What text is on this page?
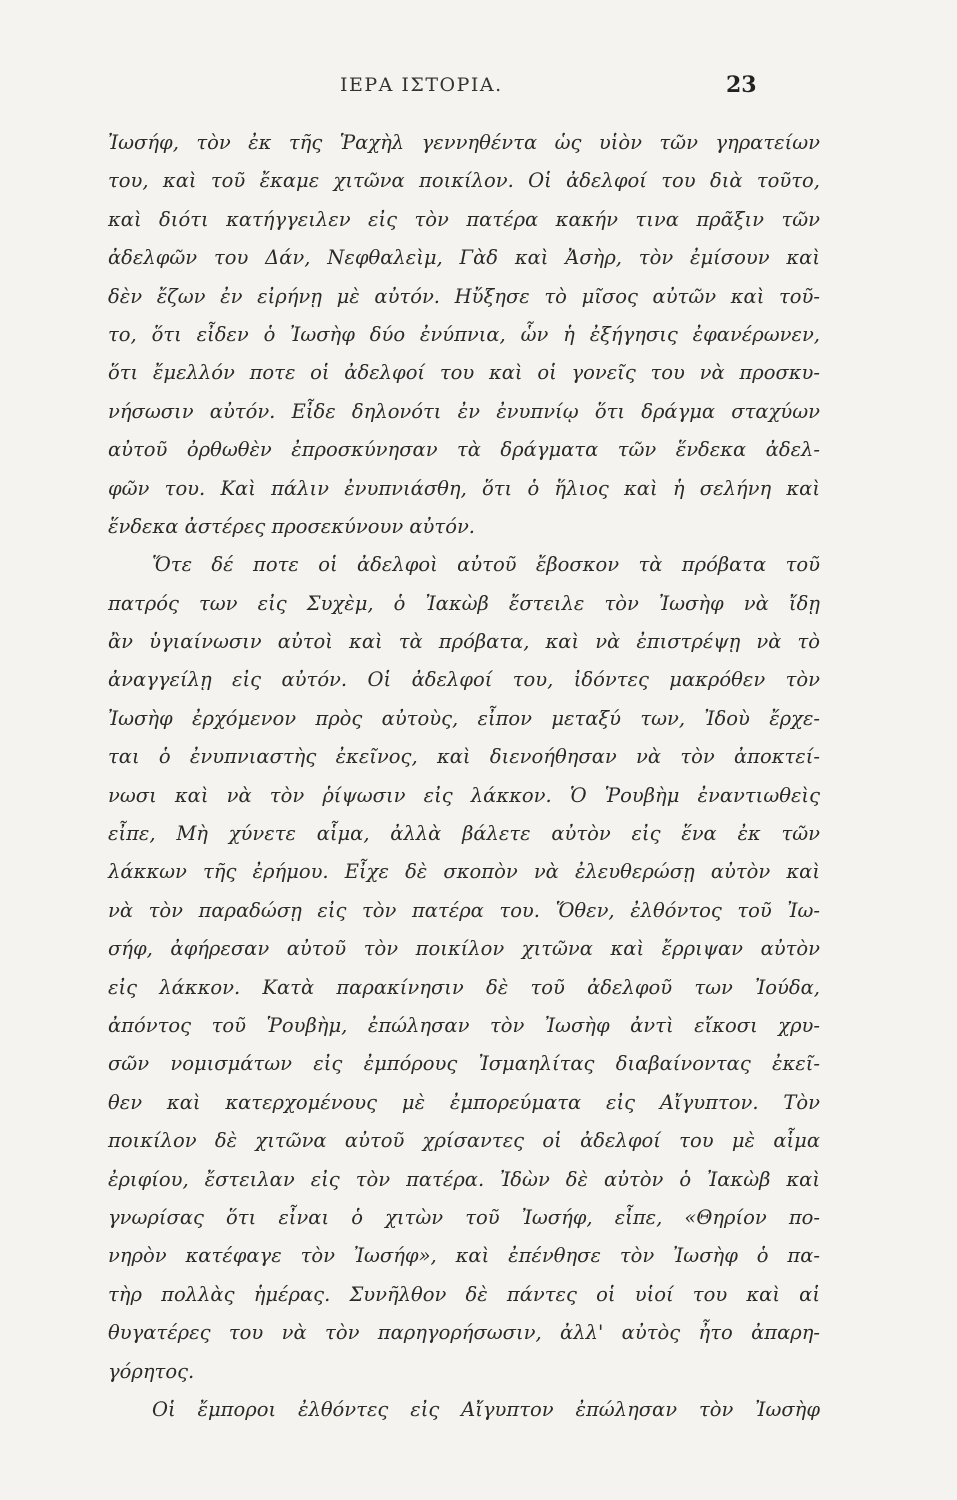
ΙΕΡΑ ΙΣΤΟΡΙΑ.	23
Ἰωσήφ, τὸν ἐκ τῆς Ῥαχὴλ γεννηθέντα ὡς υἱὸν τῶν γηρατείων
του, καὶ τοῦ ἔκαμε χιτῶνα ποικίλον. Οἱ ἀδελφοί του διὰ τοῦτο,
καὶ διότι κατήγγειλεν εἰς τὸν πατέρα κακήν τινα πρᾶξιν τῶν
ἀδελφῶν του Δάν, Νεφθαλεὶμ, Γὰδ καὶ Ἀσὴρ, τὸν ἐμίσουν καὶ
δὲν ἔζων ἐν εἰρήνῃ μὲ αὐτόν. Ηὔξησε τὸ μῖσος αὐτῶν καὶ τοῦ-
το, ὅτι εἶδεν ὁ Ἰωσὴφ δύο ἐνύπνια, ὧν ἡ ἐξήγησις ἐφανέρωνεν,
ὅτι ἔμελλόν ποτε οἱ ἀδελφοί του καὶ οἱ γονεῖς του νὰ προσκυ-
νήσωσιν αὐτόν. Εἶδε δηλονότι ἐν ἐνυπνίῳ ὅτι δράγμα σταχύων
αὐτοῦ ὀρθωθὲν ἐπροσκύνησαν τὰ δράγματα τῶν ἕνδεκα ἀδελ-
φῶν του. Καὶ πάλιν ἐνυπνιάσθη, ὅτι ὁ ἥλιος καὶ ἡ σελήνη καὶ
ἕνδεκα ἀστέρες προσεκύνουν αὐτόν.
Ὅτε δέ ποτε οἱ ἀδελφοὶ αὐτοῦ ἔβοσκον τὰ πρόβατα τοῦ
πατρός των εἰς Συχὲμ, ὁ Ἰακὼβ ἔστειλε τὸν Ἰωσὴφ νὰ ἴδῃ
ἂν ὑγιαίνωσιν αὐτοὶ καὶ τὰ πρόβατα, καὶ νὰ ἐπιστρέψῃ νὰ τὸ
ἀναγγείλῃ εἰς αὐτόν. Οἱ ἀδελφοί του, ἰδόντες μακρόθεν τὸν
Ἰωσὴφ ἐρχόμενον πρὸς αὐτοὺς, εἶπον μεταξύ των, Ἰδοὺ ἔρχε-
ται ὁ ἐνυπνιαστὴς ἐκεῖνος, καὶ διενοήθησαν νὰ τὸν ἀποκτεί-
νωσι καὶ νὰ τὸν ῥίψωσιν εἰς λάκκον. Ὁ Ῥουβὴμ ἐναντιωθεὶς
εἶπε, Μὴ χύνετε αἷμα, ἀλλὰ βάλετε αὐτὸν εἰς ἕνα ἐκ τῶν
λάκκων τῆς ἐρήμου. Εἶχε δὲ σκοπὸν νὰ ἐλευθερώσῃ αὐτὸν καὶ
νὰ τὸν παραδώσῃ εἰς τὸν πατέρα του. Ὅθεν, ἐλθόντος τοῦ Ἰω-
σήφ, ἀφήρεσαν αὐτοῦ τὸν ποικίλον χιτῶνα καὶ ἔρριψαν αὐτὸν
εἰς λάκκον. Κατὰ παρακίνησιν δὲ τοῦ ἀδελφοῦ των Ἰούδα,
ἀπόντος τοῦ Ῥουβὴμ, ἐπώλησαν τὸν Ἰωσὴφ ἀντὶ εἴκοσι χρυ-
σῶν νομισμάτων εἰς ἐμπόρους Ἰσμαηλίτας διαβαίνοντας ἐκεῖ-
θεν καὶ κατερχομένους μὲ ἐμπορεύματα εἰς Αἴγυπτον. Τὸν
ποικίλον δὲ χιτῶνα αὐτοῦ χρίσαντες οἱ ἀδελφοί του μὲ αἷμα
ἐριφίου, ἔστειλαν εἰς τὸν πατέρα. Ἰδὼν δὲ αὐτὸν ὁ Ἰακὼβ καὶ
γνωρίσας ὅτι εἶναι ὁ χιτὼν τοῦ Ἰωσήφ, εἶπε, «Θηρίον πο-
νηρὸν κατέφαγε τὸν Ἰωσήφ», καὶ ἐπένθησε τὸν Ἰωσὴφ ὁ πα-
τὴρ πολλὰς ἡμέρας. Συνῆλθον δὲ πάντες οἱ υἱοί του καὶ αἱ
θυγατέρες του νὰ τὸν παρηγορήσωσιν, ἀλλ' αὐτὸς ἦτο ἀπαρη-
γόρητος.
Οἱ ἔμποροι ἐλθόντες εἰς Αἴγυπτον ἐπώλησαν τὸν Ἰωσὴφ
